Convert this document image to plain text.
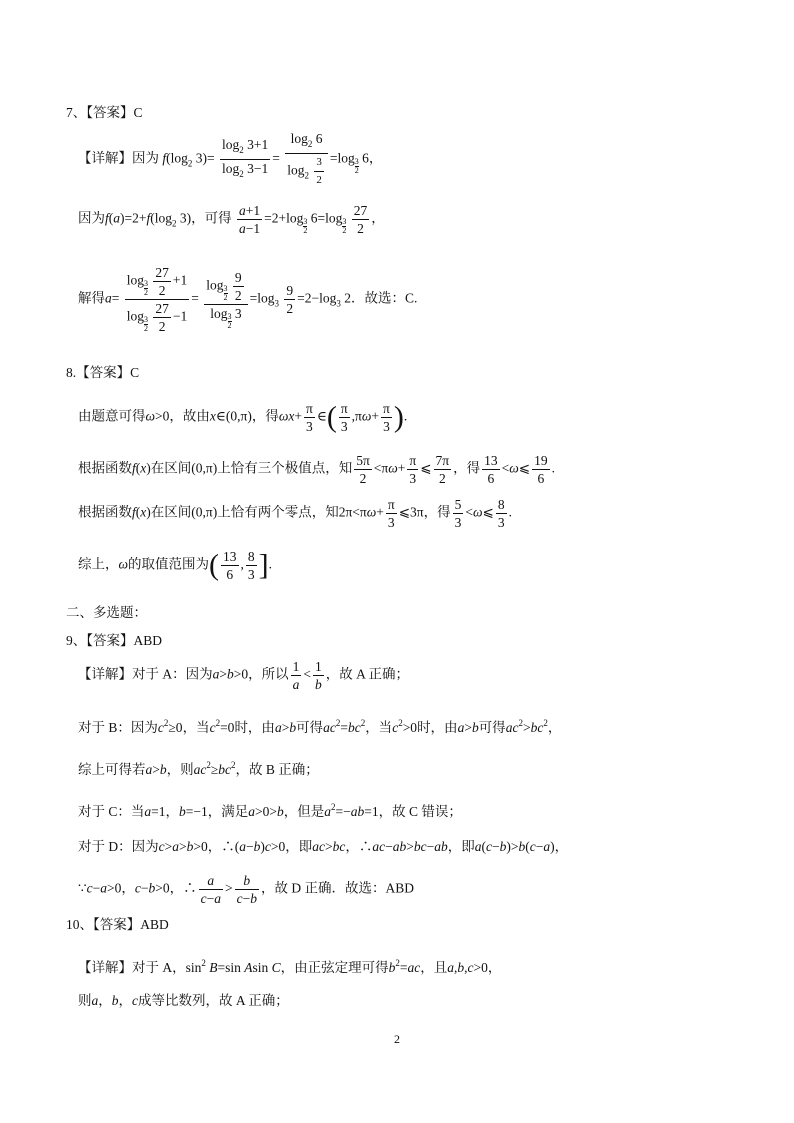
7、【答案】C
【详解】因为 $f(\log_2$ $3)= \frac{\log_2 3+1}{\log_2 3-1} = \frac{\log_2 6}{\log_2 \frac{3}{2}} =\log \frac{3}{2} 6$，
因为$f(a)=2+f(\log_2$ 3)，可得 $\frac{a+1}{a-1} =2+\log \frac{3}{2} 6=\log \frac{3}{2}$
$\frac{27}{2}$ ，
解得$a= \log \frac{3}{2}$
$\frac{27}{2} +1$
$\log \frac{3}{2}$
$\frac{27}{2} -1 = \log \frac{3}{2}$
$\frac{9}{2}$
$\log \frac{3}{2} 3 =\log_3 \frac{9}{2} =2-\log_3$ 2．故选：C.
8.【答案】C
由题意可得ω>0，故由x∈(0,π)，得$\omega x+ \frac{\pi}{3}$ ∈( $\frac{\pi}{3} ,\pi\omega+ \frac{\pi}{3}$ ).
根据函数f(x)在区间(0,π)上恰有三个极值点，知 $\frac{5\pi}{2} <\pi\omega+ \frac{\pi}{3}$ ⩽ $\frac{7\pi}{2}$ ，得 $\frac{13}{6}$ <ω⩽ $\frac{19}{6}$ .
根据函数f(x)在区间(0,π)上恰有两个零点，知$2\pi<\pi\omega+ \frac{\pi}{3}$ ⩽3π，得 $\frac{5}{3}$ <ω⩽ $\frac{8}{3}$ .
综上，ω的取值范围为( $\frac{13}{6}$ , $\frac{8}{3}$ ].
二、多选题：
9、【答案】ABD
【详解】对于 A：因为a>b>0，所以 $\frac{1}{a} < \frac{1}{b}$ ，故 A 正确；
对于 B：因为$c^2\ge 0$，当$c^2=0$时，由a>b可得$ac^2=bc^2$，当$c^2>0$时，由a>b可得$ac^2>bc^2$，
综上可得若a>b，则$ac^2\ge bc^2$，故 B 正确；
对于 C：当a=1，b=−1，满足a>0>b，但是$a^2=-ab=1$，故 C 错误；
对于 D：因为c>a>b>0，∴(a−b)c>0，即ac>bc，∴ac−ab>bc−ab，即a(c−b)>b(c−a)，
∵c−a>0，c−b>0，∴ $\frac{a}{c-a} > \frac{b}{c-b}$ ，故 D 正确．故选：ABD
10、【答案】ABD
【详解】对于 A，$\sin^2 B=\sin$ Asin C，由正弦定理可得$b^2=ac$，且a,b,c>0，
则a，b，c成等比数列，故 A 正确；
2
